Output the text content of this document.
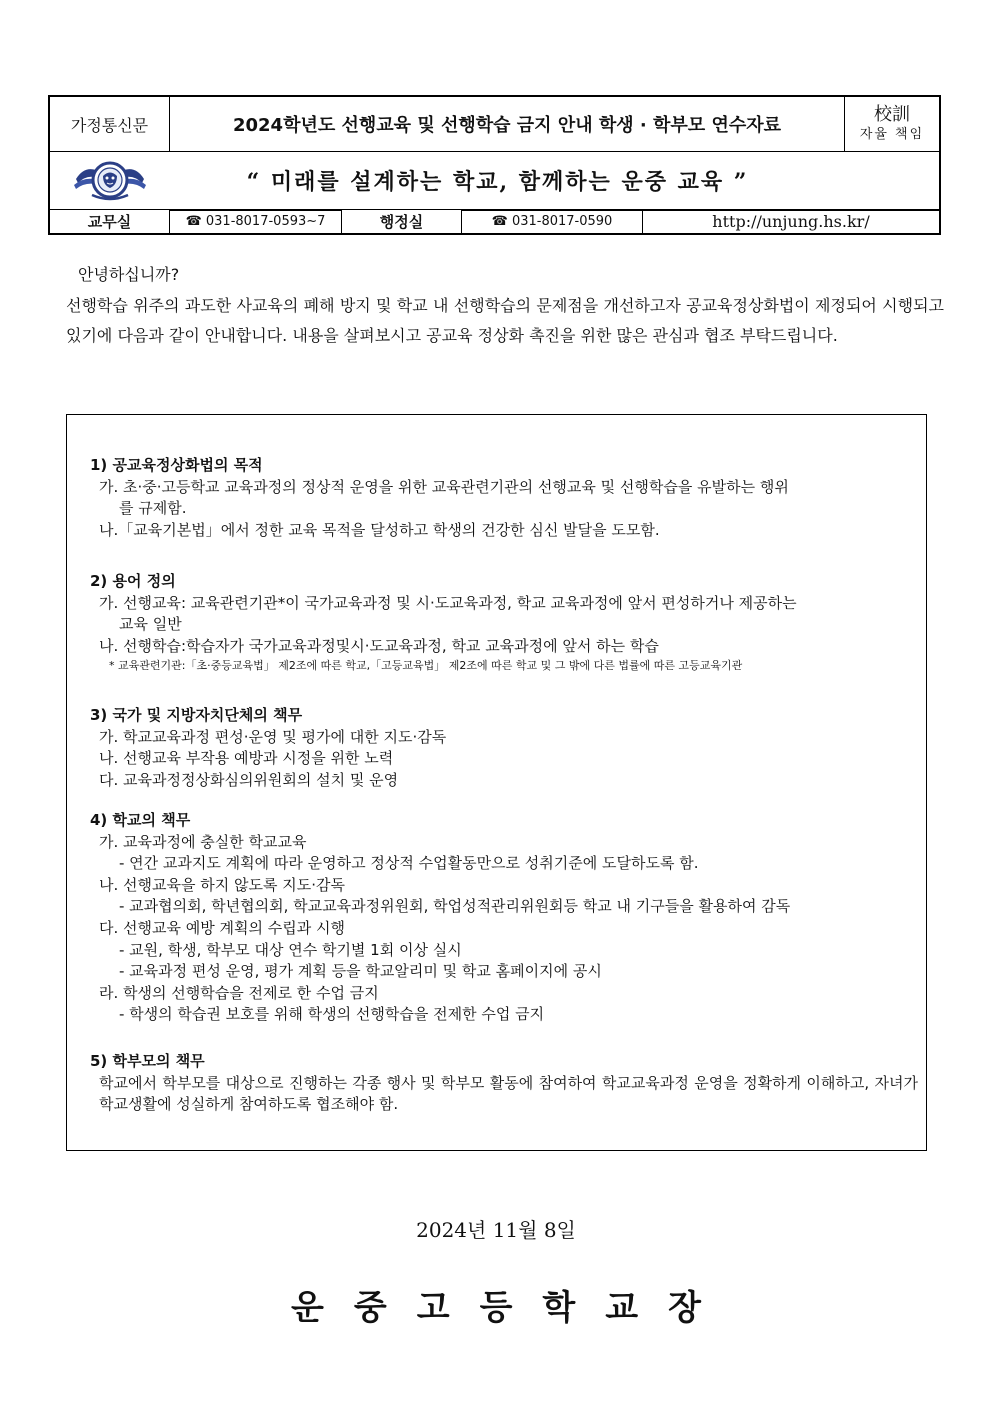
가정통신문	2024학년도 선행교육 및 선행학습 금지 안내 학생 · 학부모 연수자료
校訓
자율 책임
“ 미래를 설계하는 학교, 함께하는 운중 교육 ”
교무실	☎ 031-8017-0593~7	행정실	☎ 031-8017-0590	http://unjung.hs.kr/
안녕하십니까?
선행학습 위주의 과도한 사교육의 폐해 방지 및 학교 내 선행학습의 문제점을 개선하고자 공교육정상화법이 제정되어 시행되고 있기에 다음과 같이 안내합니다. 내용을 살펴보시고 공교육 정상화 촉진을 위한 많은 관심과 협조 부탁드립니다.
1) 공교육정상화법의 목적
가. 초·중·고등학교 교육과정의 정상적 운영을 위한 교육관련기관의 선행교육 및 선행학습을 유발하는 행위
를 규제함.
나.「교육기본법」에서 정한 교육 목적을 달성하고 학생의 건강한 심신 발달을 도모함.
2) 용어 정의
가. 선행교육: 교육관련기관*이 국가교육과정 및 시·도교육과정, 학교 교육과정에 앞서 편성하거나 제공하는
교육 일반
나. 선행학습:학습자가 국가교육과정및시·도교육과정, 학교 교육과정에 앞서 하는 학습
* 교육관련기관:「초·중등교육법」 제2조에 따른 학교,「고등교육법」 제2조에 따른 학교 및 그 밖에 다른 법률에 따른 고등교육기관
3) 국가 및 지방자치단체의 책무
가. 학교교육과정 편성·운영 및 평가에 대한 지도·감독
나. 선행교육 부작용 예방과 시정을 위한 노력
다. 교육과정정상화심의위원회의 설치 및 운영
4) 학교의 책무
가. 교육과정에 충실한 학교교육
- 연간 교과지도 계획에 따라 운영하고 정상적 수업활동만으로 성취기준에 도달하도록 함.
나. 선행교육을 하지 않도록 지도·감독
- 교과협의회, 학년협의회, 학교교육과정위원회, 학업성적관리위원회등 학교 내 기구들을 활용하여 감독
다. 선행교육 예방 계획의 수립과 시행
- 교원, 학생, 학부모 대상 연수 학기별 1회 이상 실시
- 교육과정 편성 운영, 평가 계획 등을 학교알리미 및 학교 홈페이지에 공시
라. 학생의 선행학습을 전제로 한 수업 금지
- 학생의 학습권 보호를 위해 학생의 선행학습을 전제한 수업 금지
5) 학부모의 책무
학교에서 학부모를 대상으로 진행하는 각종 행사 및 학부모 활동에 참여하여 학교교육과정 운영을 정확하게 이해하고, 자녀가 학교생활에 성실하게 참여하도록 협조해야 함.
2024년 11월 8일
운중고등학교장
